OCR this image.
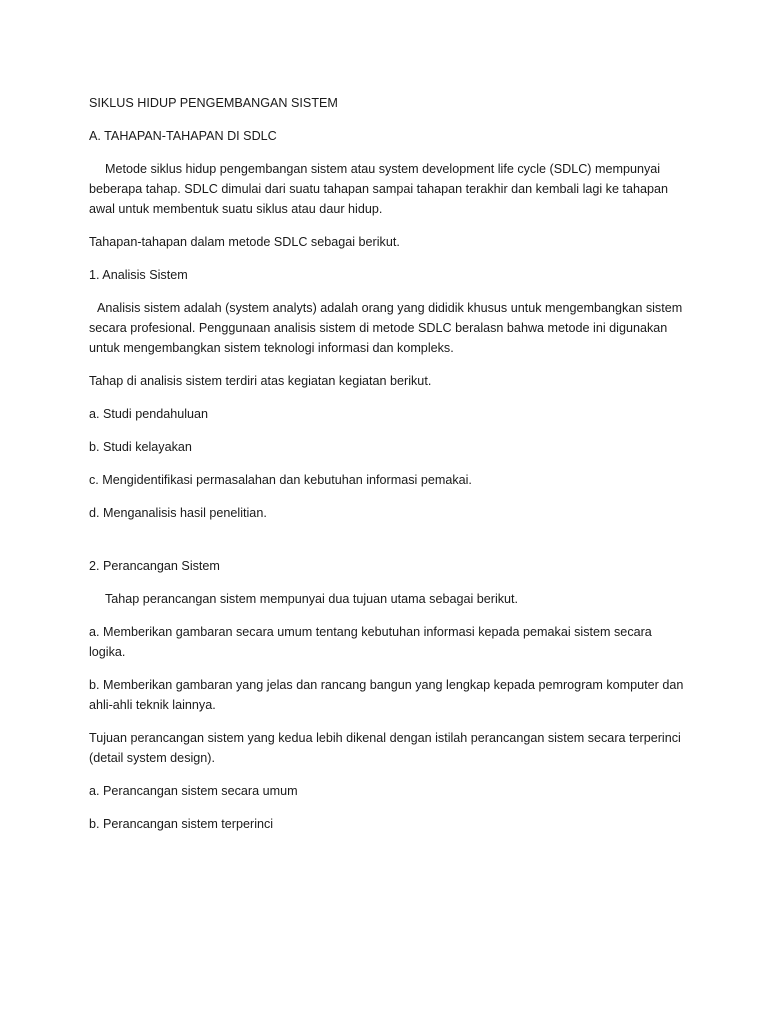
SIKLUS HIDUP PENGEMBANGAN SISTEM

A. TAHAPAN-TAHAPAN DI SDLC

Metode siklus hidup pengembangan sistem atau system development life cycle (SDLC) mempunyai beberapa tahap. SDLC dimulai dari suatu tahapan sampai tahapan terakhir dan kembali lagi ke tahapan awal untuk membentuk suatu siklus atau daur hidup.

Tahapan-tahapan dalam metode SDLC sebagai berikut.

1. Analisis Sistem

Analisis sistem adalah (system analyts) adalah orang yang dididik khusus untuk mengembangkan sistem secara profesional. Penggunaan analisis sistem di metode SDLC beralasn bahwa metode ini digunakan untuk mengembangkan sistem teknologi informasi dan kompleks.

Tahap di analisis sistem terdiri atas kegiatan kegiatan berikut.

a. Studi pendahuluan

b. Studi kelayakan

c. Mengidentifikasi permasalahan dan kebutuhan informasi pemakai.

d. Menganalisis hasil penelitian.

2. Perancangan Sistem

Tahap perancangan sistem mempunyai dua tujuan utama sebagai berikut.

a. Memberikan gambaran secara umum tentang kebutuhan informasi kepada pemakai sistem secara logika.

b. Memberikan gambaran yang jelas dan rancang bangun yang lengkap kepada pemrogram komputer dan ahli-ahli teknik lainnya.

Tujuan perancangan sistem yang kedua lebih dikenal dengan istilah perancangan sistem secara terperinci (detail system design).

a. Perancangan sistem secara umum

b. Perancangan sistem terperinci
